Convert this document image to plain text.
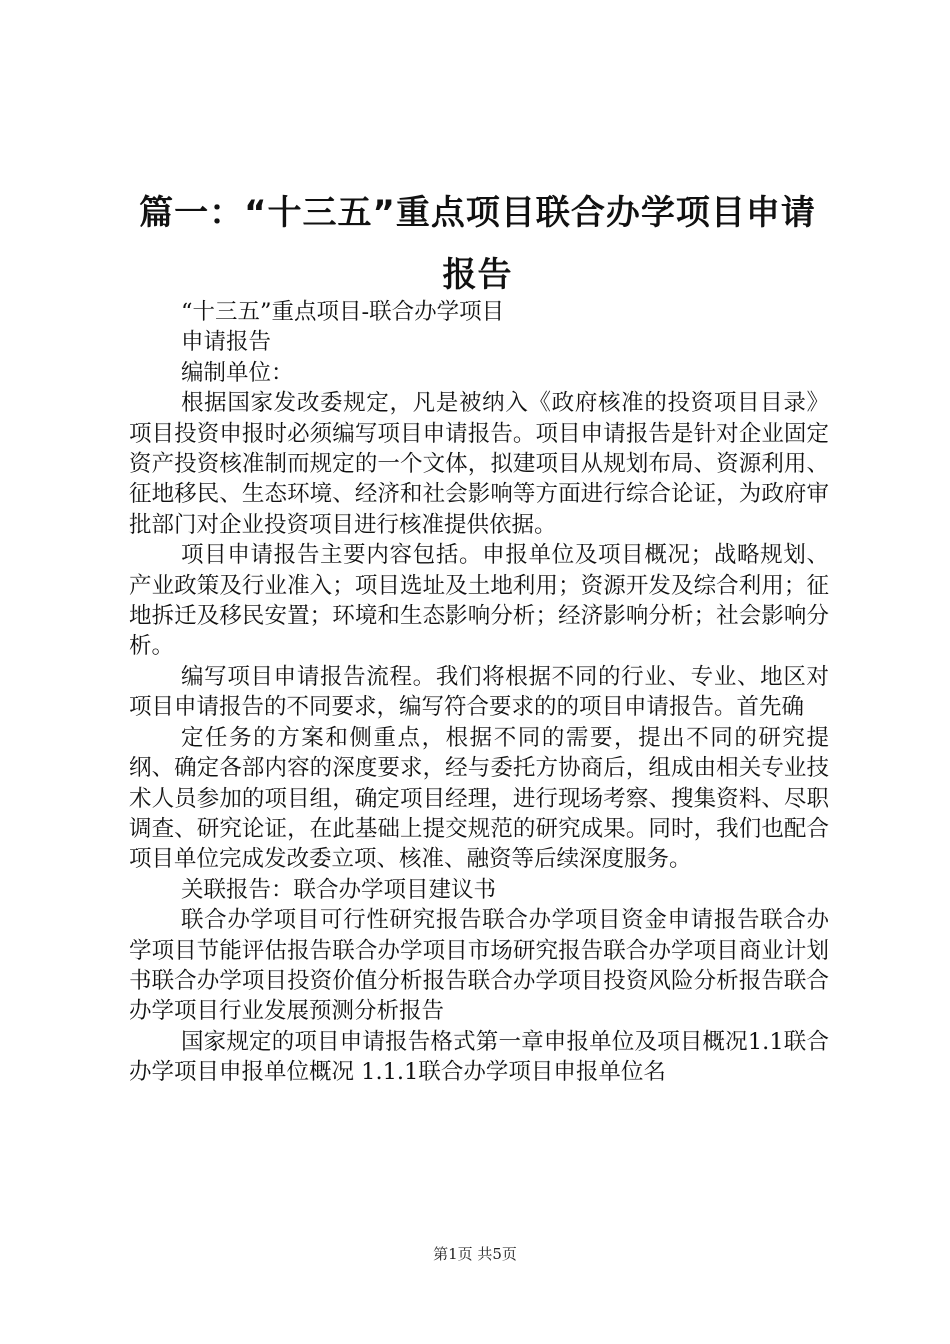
篇一：“十三五”重点项目联合办学项目申请报告

“十三五”重点项目-联合办学项目

申请报告

编制单位：

根据国家发改委规定，凡是被纳入《政府核准的投资项目目录》项目投资申报时必须编写项目申请报告。项目申请报告是针对企业固定资产投资核准制而规定的一个文体，拟建项目从规划布局、资源利用、征地移民、生态环境、经济和社会影响等方面进行综合论证，为政府审批部门对企业投资项目进行核准提供依据。

项目申请报告主要内容包括。申报单位及项目概况；战略规划、产业政策及行业准入；项目选址及土地利用；资源开发及综合利用；征地拆迁及移民安置；环境和生态影响分析；经济影响分析；社会影响分析。

编写项目申请报告流程。我们将根据不同的行业、专业、地区对项目申请报告的不同要求，编写符合要求的的项目申请报告。首先确

定任务的方案和侧重点，根据不同的需要，提出不同的研究提纲、确定各部内容的深度要求，经与委托方协商后，组成由相关专业技术人员参加的项目组，确定项目经理，进行现场考察、搜集资料、尽职调查、研究论证，在此基础上提交规范的研究成果。同时，我们也配合项目单位完成发改委立项、核准、融资等后续深度服务。

关联报告：联合办学项目建议书

联合办学项目可行性研究报告联合办学项目资金申请报告联合办学项目节能评估报告联合办学项目市场研究报告联合办学项目商业计划书联合办学项目投资价值分析报告联合办学项目投资风险分析报告联合办学项目行业发展预测分析报告

国家规定的项目申请报告格式第一章申报单位及项目概况1.1联合办学项目申报单位概况 1.1.1联合办学项目申报单位名

第1页 共5页
